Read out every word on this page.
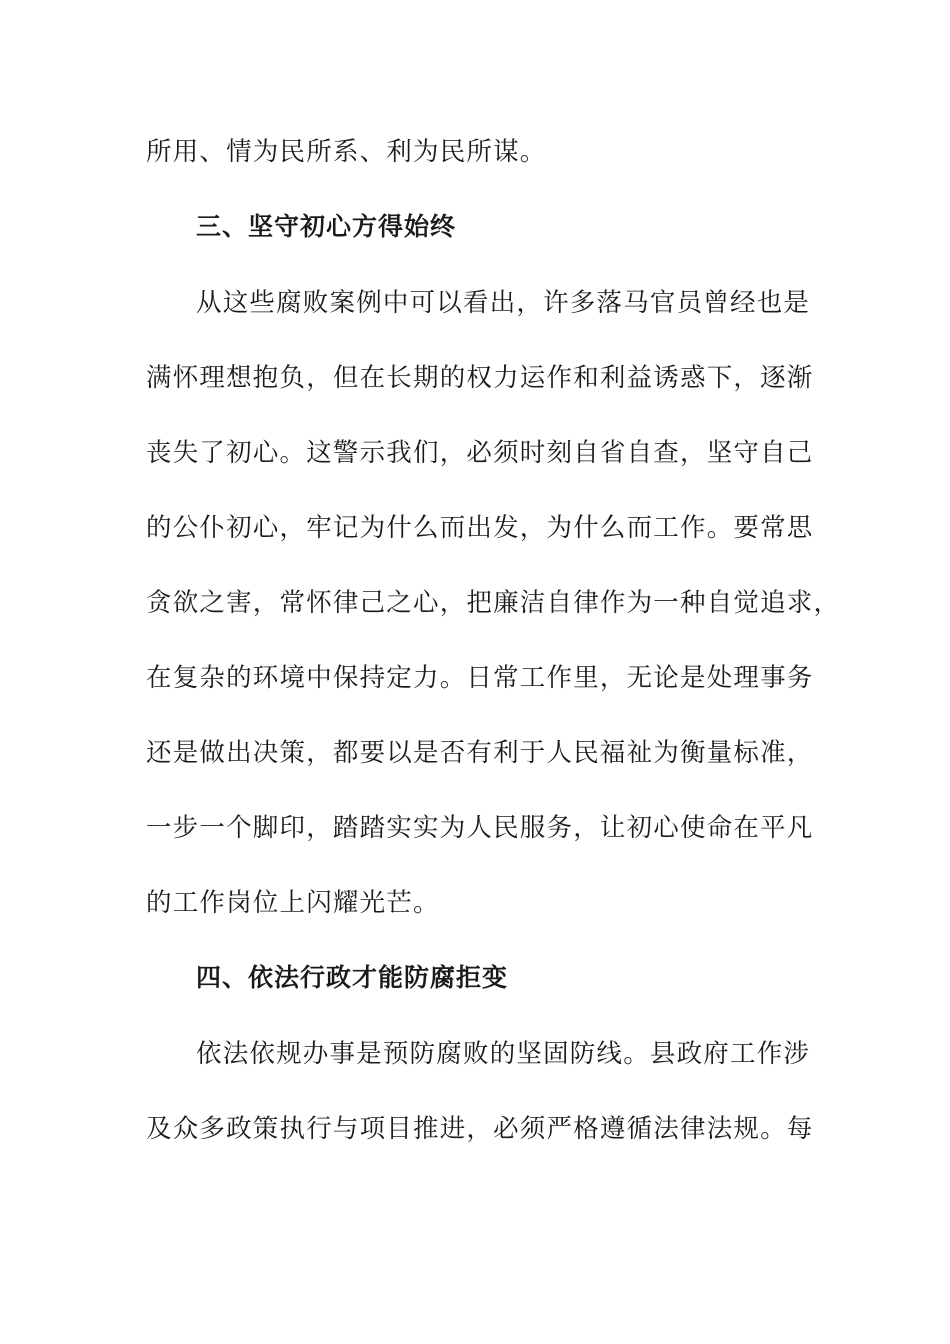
所用、情为民所系、利为民所谋。
三、坚守初心方得始终
从这些腐败案例中可以看出，许多落马官员曾经也是
满怀理想抱负，但在长期的权力运作和利益诱惑下，逐渐
丧失了初心。这警示我们，必须时刻自省自查，坚守自己
的公仆初心，牢记为什么而出发，为什么而工作。要常思
贪欲之害，常怀律己之心，把廉洁自律作为一种自觉追求，
在复杂的环境中保持定力。日常工作里，无论是处理事务
还是做出决策，都要以是否有利于人民福祉为衡量标准，
一步一个脚印，踏踏实实为人民服务，让初心使命在平凡
的工作岗位上闪耀光芒。
四、依法行政才能防腐拒变
依法依规办事是预防腐败的坚固防线。县政府工作涉
及众多政策执行与项目推进，必须严格遵循法律法规。每
